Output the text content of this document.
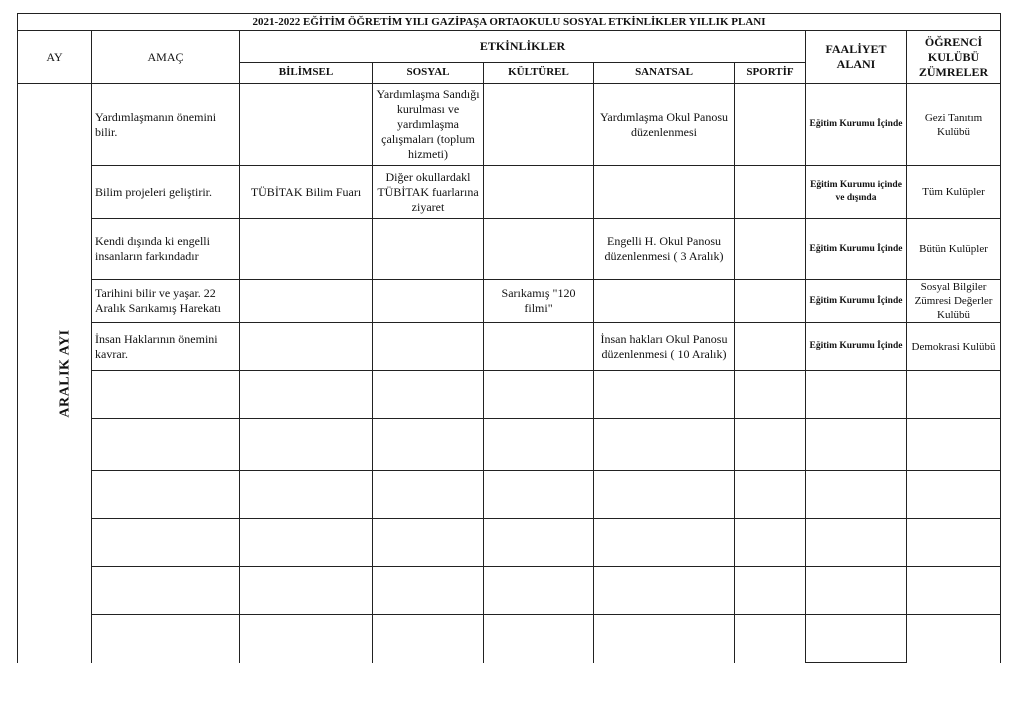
2021-2022 EĞİTİM ÖĞRETİM YILI GAZİPAŞA ORTAOKULU SOSYAL ETKİNLİKLER YILLIK PLANI								
AY	AMAÇ	ETKİNLİKLER					FAALİYET ALANI	ÖĞRENCİ KULÜBÜ ZÜMRELER
		BİLİMSEL	SOSYAL	KÜLTÜREL	SANATSAL	SPORTİF		
ARALIK AYI	Yardımlaşmanın önemini bilir.		Yardımlaşma Sandığı kurulması ve yardımlaşma çalışmaları (toplum hizmeti)		Yardımlaşma Okul Panosu düzenlenmesi		Eğitim Kurumu İçinde	Gezi Tanıtım Kulübü
	Bilim projeleri geliştirir.	TÜBİTAK Bilim Fuarı	Diğer okullardakl TÜBİTAK fuarlarına ziyaret				Eğitim Kurumu içinde ve dışında	Tüm Kulüpler
	Kendi dışında ki engelli insanların farkındadır				Engelli H. Okul Panosu düzenlenmesi ( 3 Aralık)		Eğitim Kurumu İçinde	Bütün Kulüpler
	Tarihini bilir ve yaşar. 22 Aralık Sarıkamış Harekatı			Sarıkamış "120 filmi"			Eğitim Kurumu İçinde	Sosyal Bilgiler Zümresi Değerler Kulübü
	İnsan Haklarının önemini kavrar.				İnsan hakları Okul Panosu düzenlenmesi ( 10 Aralık)		Eğitim Kurumu İçinde	Demokrasi Kulübü
